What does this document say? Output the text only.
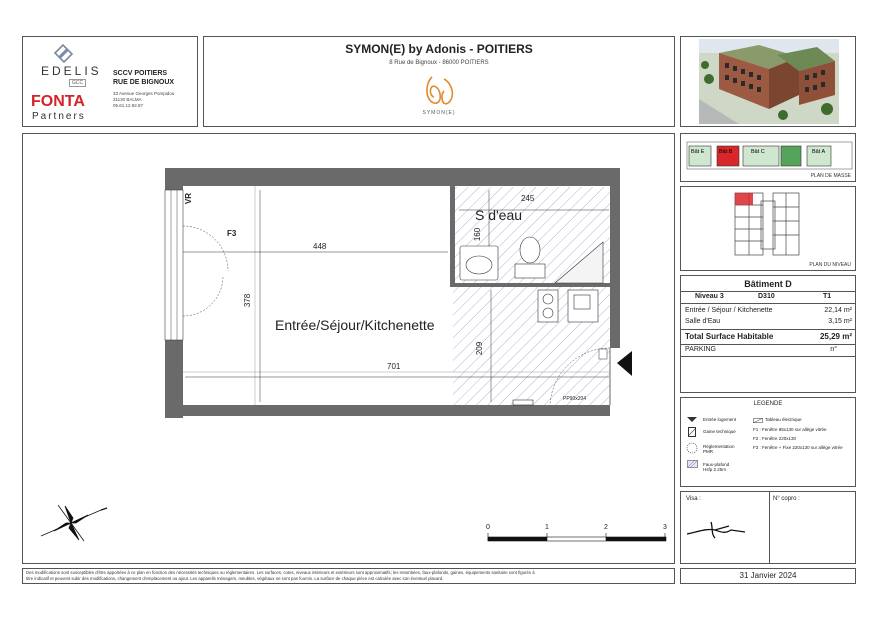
EDELIS
GCC
FONTA
Partners
SCCV POITIERS
RUE DE BIGNOUX
33 Avenue Georges Pompidou
31130 BALMA
05.61.12.92.87
SYMON(E) by Adonis - POITIERS
8 Rue de Bignoux - 86000 POITIERS
SYMON(E)
Bât E	Bât B	Bât C	Bât A
PLAN DE MASSE
PLAN DU NIVEAU
Bâtiment D
Niveau 3	D310	T1
Entrée / Séjour / Kitchenette	22,14 m²
Salle d'Eau	3,15 m²
Total Surface Habitable	25,29 m²
PARKING	n°
LEGENDE
Entrée logement
Gaine technique
Réglementation PMR
Faux-plafond Hsfp 2.25m
Tableau électrique
F1 : Fenêtre 85x130 sur allège vitrée
F2 : Fenêtre 220x130
F3 : Fenêtre + Fixe 220x130 sur allège vitrée
Visa :	N° copro :
Entrée/Séjour/Kitchenette
S d'eau
448
378
701
245
160
209
F3
VR
PP90x204
0	1	2	3
Des modifications sont susceptibles d'être apportées à ce plan en fonction des nécessités techniques ou réglementaires. Les surfaces, cotes, niveaux intérieurs et extérieurs sont approximatifs; les retombées, faux-plafonds, gaines, équipements sanitaire sont figurés à
titre indicatif et peuvent subir des modifications, changement d'emplacement ou ajout. Les appareils ménagers, meubles, végétaux ne sont pas fournis. La surface de chaque pièce est calculée avec son éventuel placard.	31 Janvier 2024
